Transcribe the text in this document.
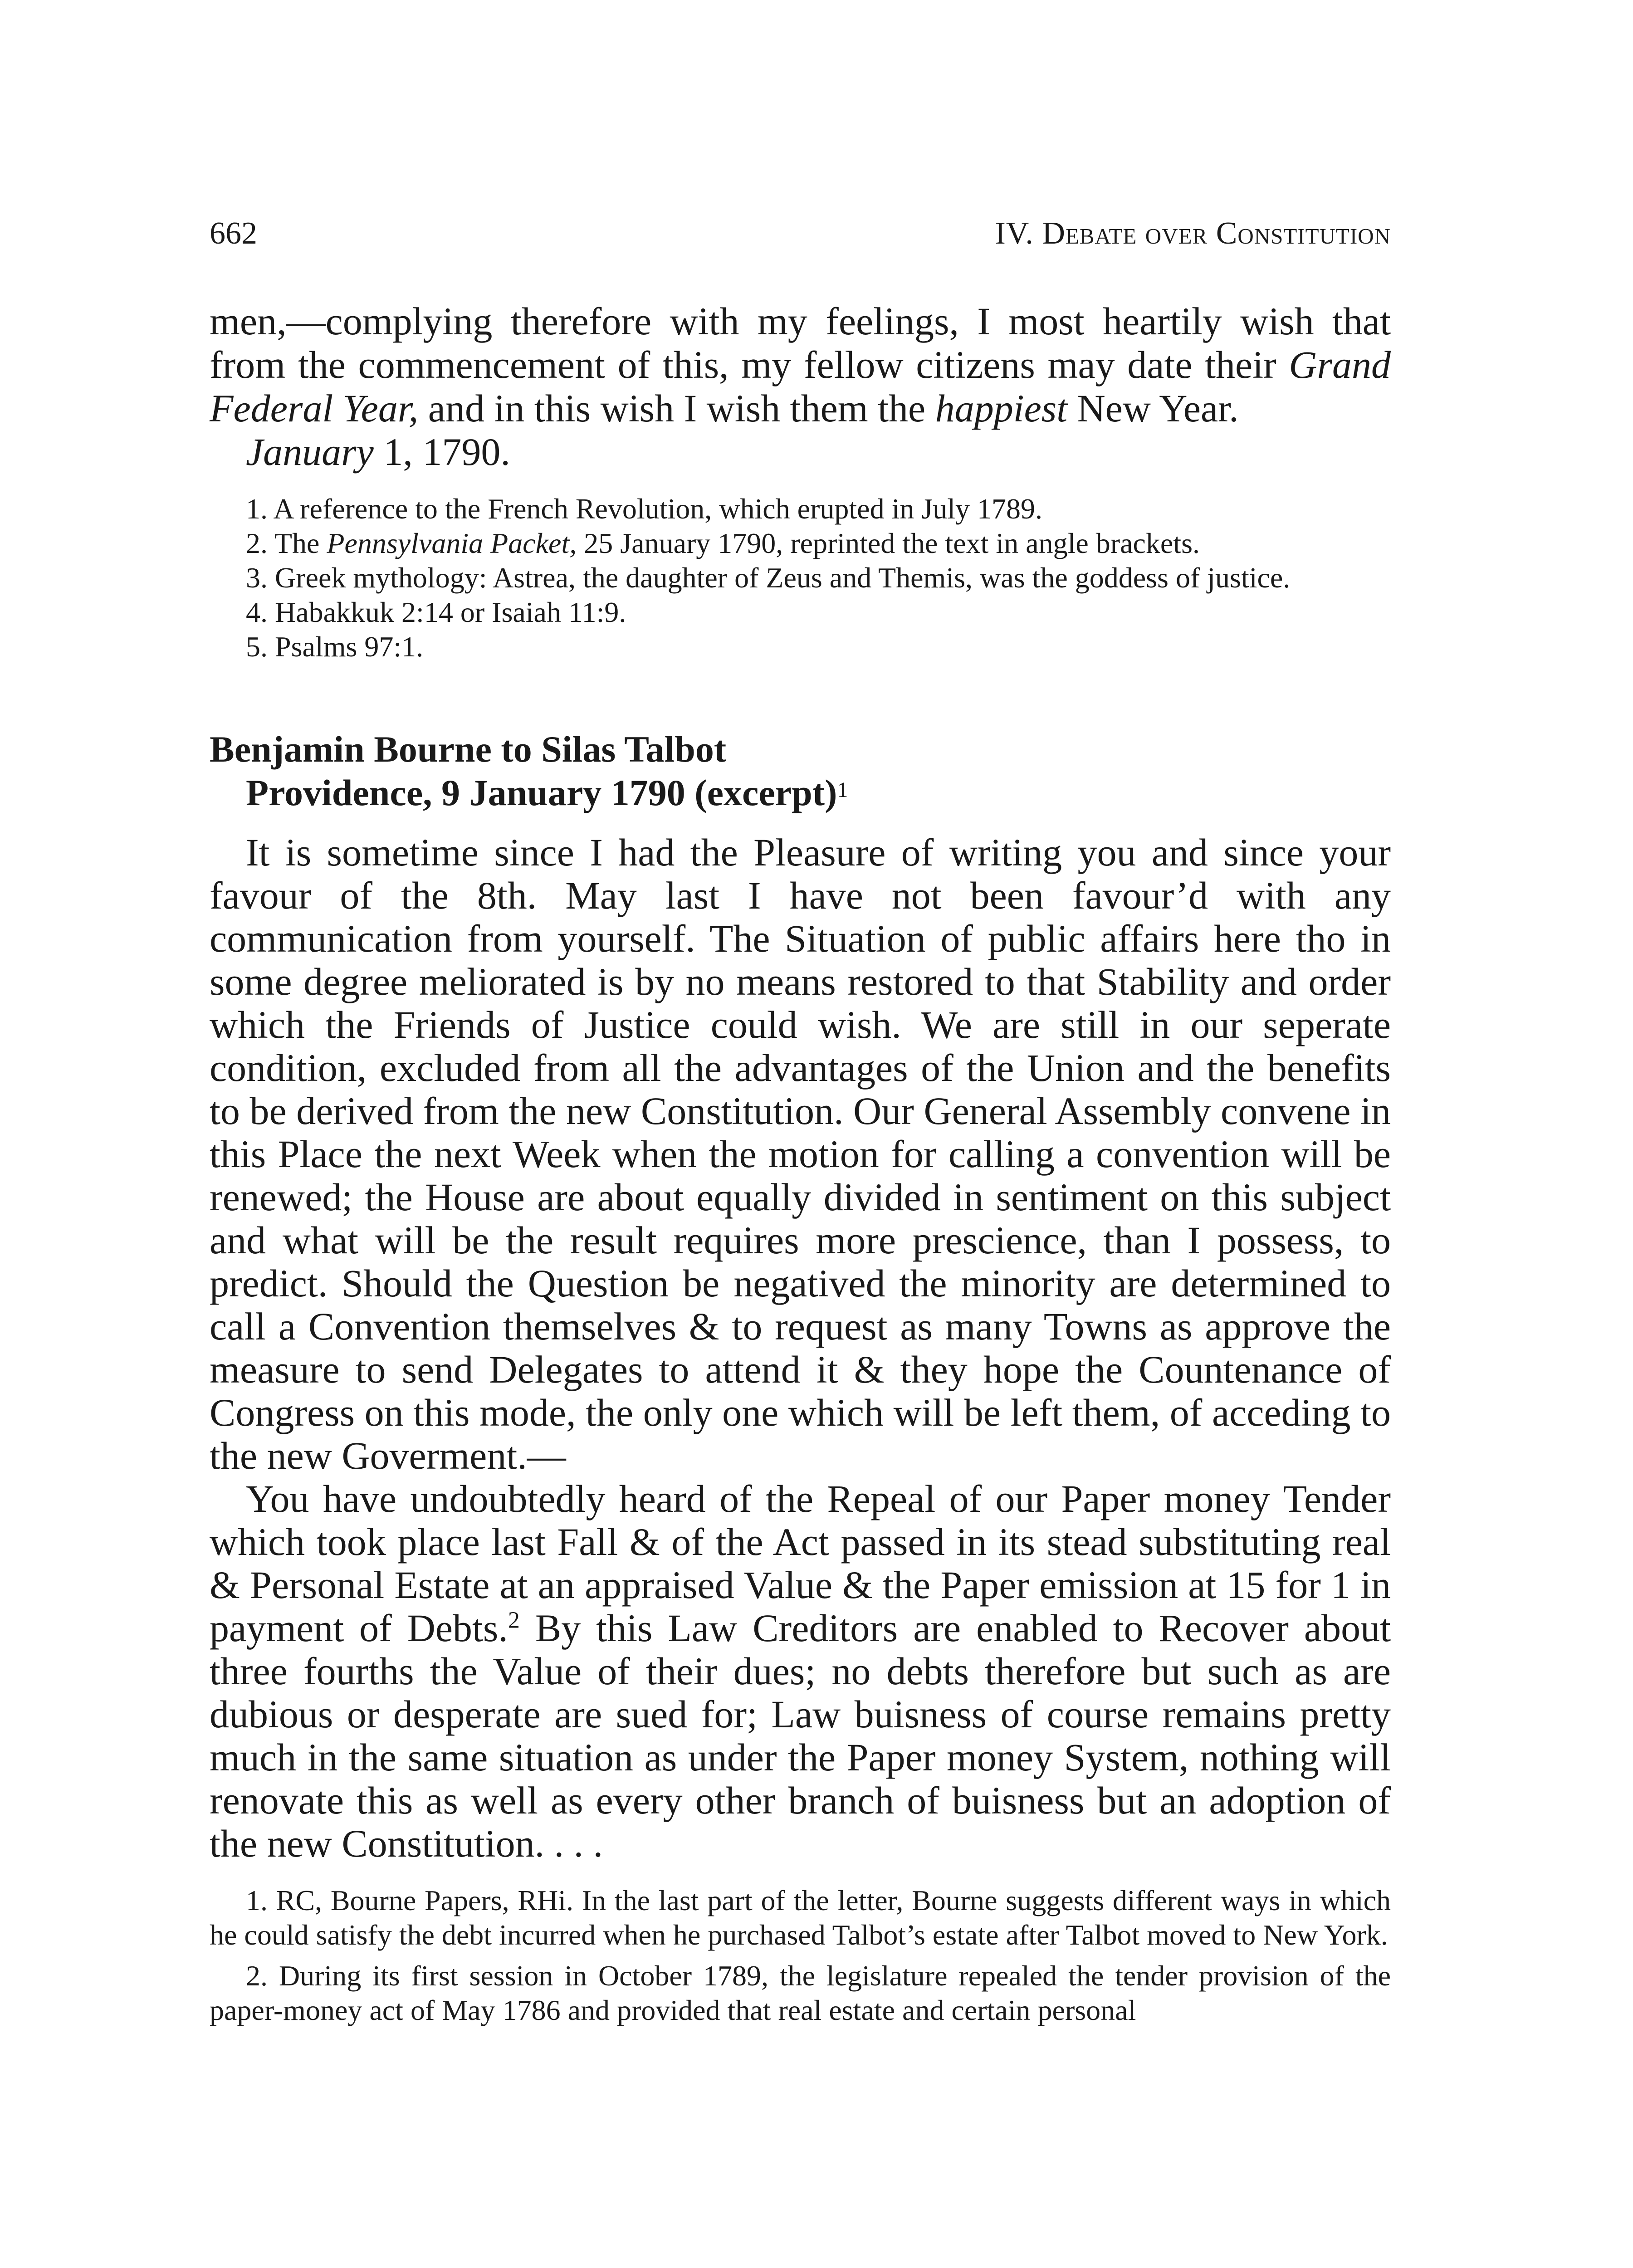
662	IV. Debate over Constitution

men,—complying therefore with my feelings, I most heartily wish that from the commencement of this, my fellow citizens may date their Grand Federal Year, and in this wish I wish them the happiest New Year.

January 1, 1790.

1. A reference to the French Revolution, which erupted in July 1789.
2. The Pennsylvania Packet, 25 January 1790, reprinted the text in angle brackets.
3. Greek mythology: Astrea, the daughter of Zeus and Themis, was the goddess of justice.
4. Habakkuk 2:14 or Isaiah 11:9.
5. Psalms 97:1.
Benjamin Bourne to Silas Talbot
Providence, 9 January 1790 (excerpt)$^1$

It is sometime since I had the Pleasure of writing you and since your favour of the 8th. May last I have not been favour’d with any communication from yourself. The Situation of public affairs here tho in some degree meliorated is by no means restored to that Stability and order which the Friends of Justice could wish. We are still in our seperate condition, excluded from all the advantages of the Union and the benefits to be derived from the new Constitution. Our General Assembly convene in this Place the next Week when the motion for calling a convention will be renewed; the House are about equally divided in sentiment on this subject and what will be the result requires more prescience, than I possess, to predict. Should the Question be negatived the minority are determined to call a Convention themselves & to request as many Towns as approve the measure to send Delegates to attend it & they hope the Countenance of Congress on this mode, the only one which will be left them, of acceding to the new Goverment.—

You have undoubtedly heard of the Repeal of our Paper money Tender which took place last Fall & of the Act passed in its stead substituting real & Personal Estate at an appraised Value & the Paper emission at 15 for 1 in payment of Debts.$^2$ By this Law Creditors are enabled to Recover about three fourths the Value of their dues; no debts therefore but such as are dubious or desperate are sued for; Law buisness of course remains pretty much in the same situation as under the Paper money System, nothing will renovate this as well as every other branch of buisness but an adoption of the new Constitution. . . .

1. RC, Bourne Papers, RHi. In the last part of the letter, Bourne suggests different ways in which he could satisfy the debt incurred when he purchased Talbot’s estate after Talbot moved to New York.
2. During its first session in October 1789, the legislature repealed the tender provision of the paper-money act of May 1786 and provided that real estate and certain personal
